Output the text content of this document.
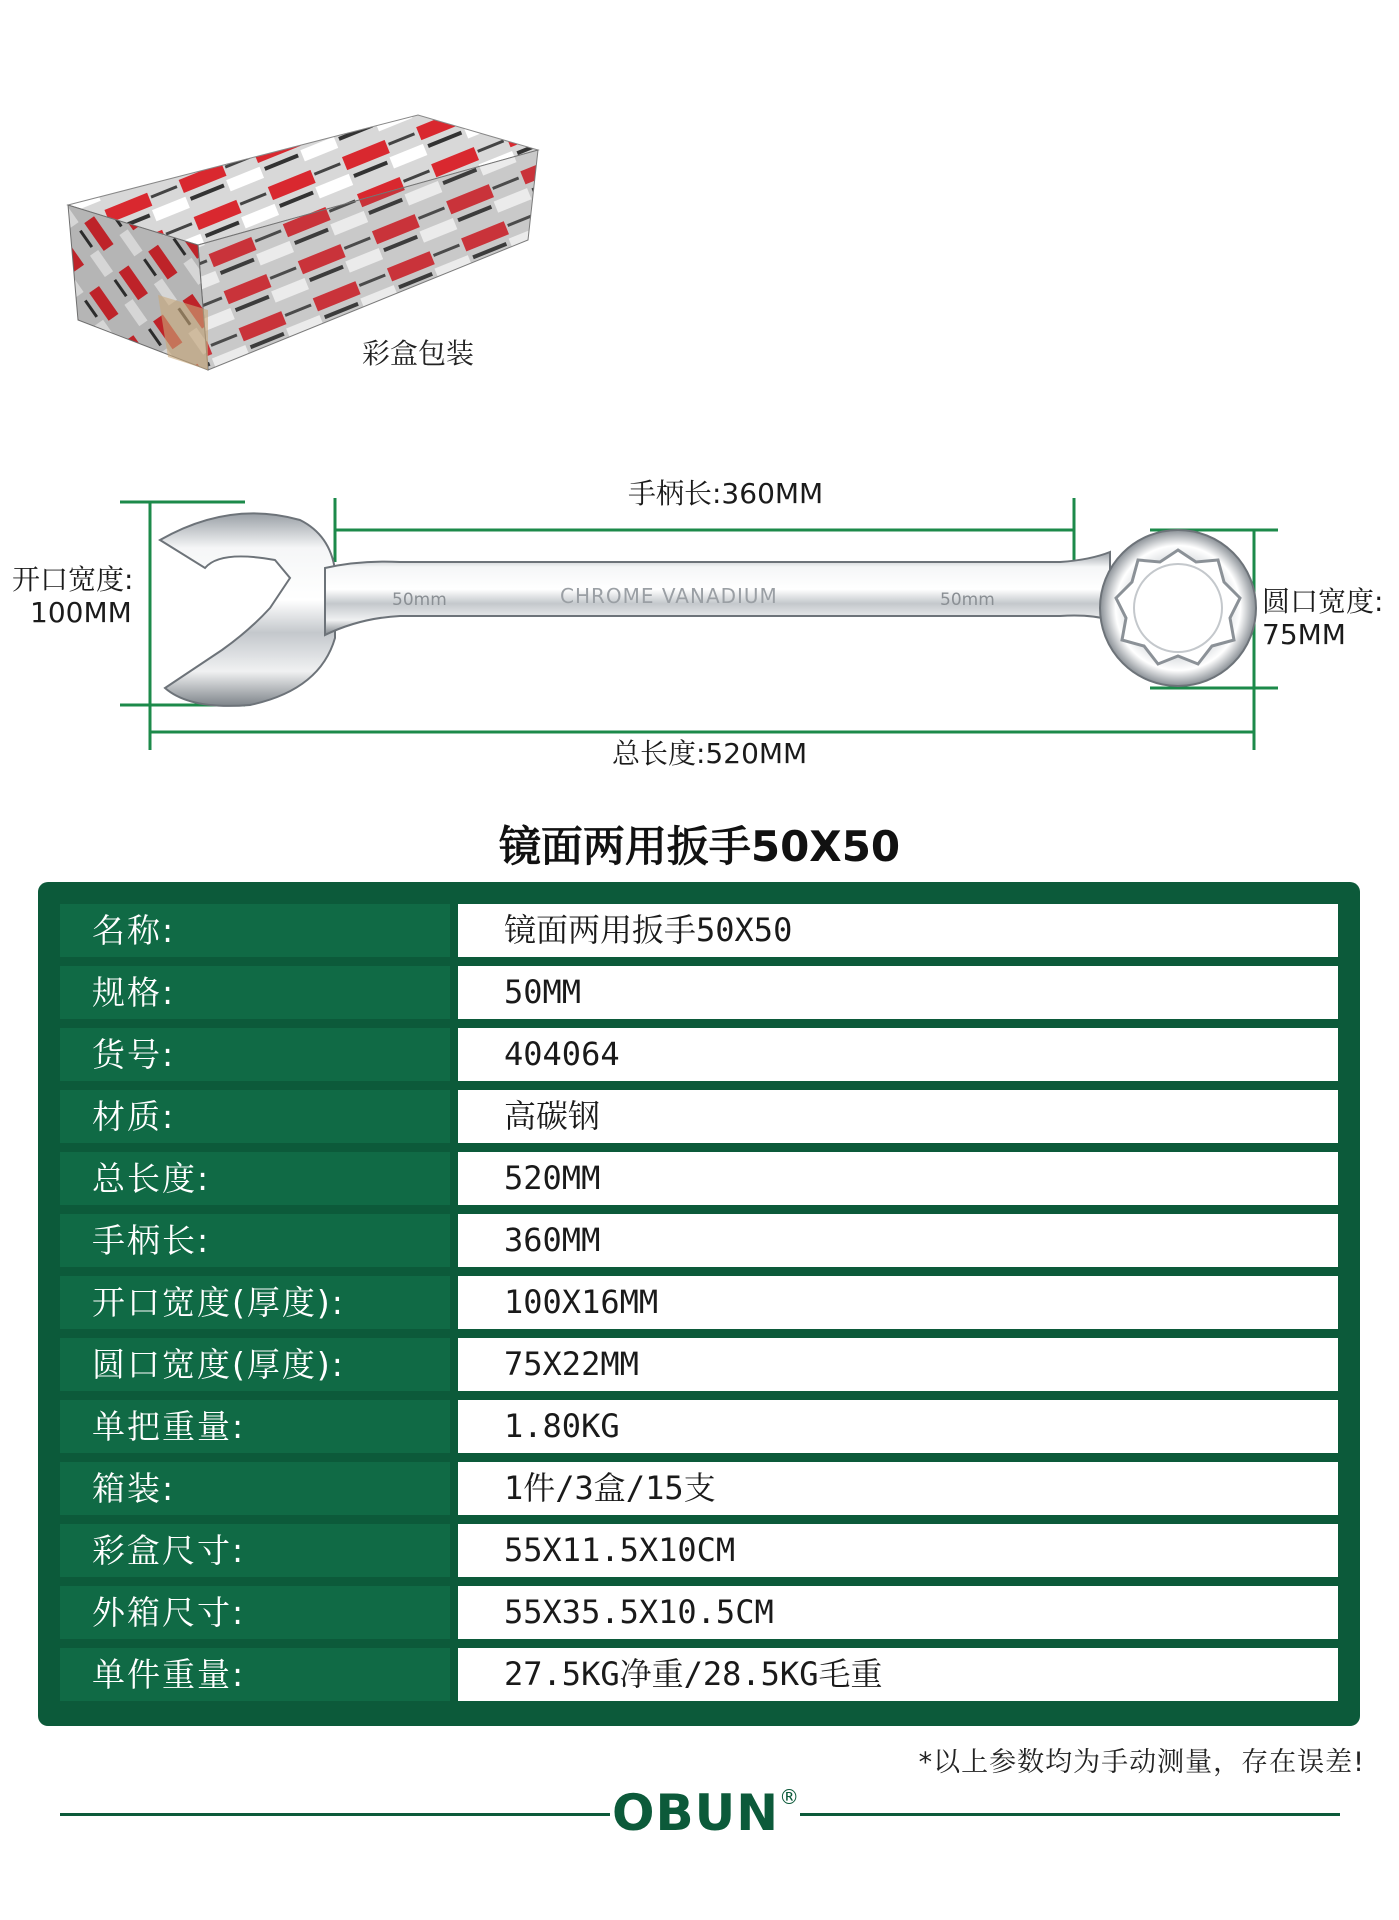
彩盒包装
50mm	CHROME VANADIUM	50mm
手柄长:360MM
开口宽度:
100MM	圆口宽度:
75MM
总长度:520MM
镜面两用扳手50X50
名称:	镜面两用扳手50X50
规格:	50MM
货号:	404064
材质:	高碳钢
总长度:	520MM
手柄长:	360MM
开口宽度(厚度):	100X16MM
圆口宽度(厚度):	75X22MM
单把重量:	1.80KG
箱装:	1件/3盒/15支
彩盒尺寸:	55X11.5X10CM
外箱尺寸:	55X35.5X10.5CM
单件重量:	27.5KG净重/28.5KG毛重
*以上参数均为手动测量，存在误差!
OBUN®
